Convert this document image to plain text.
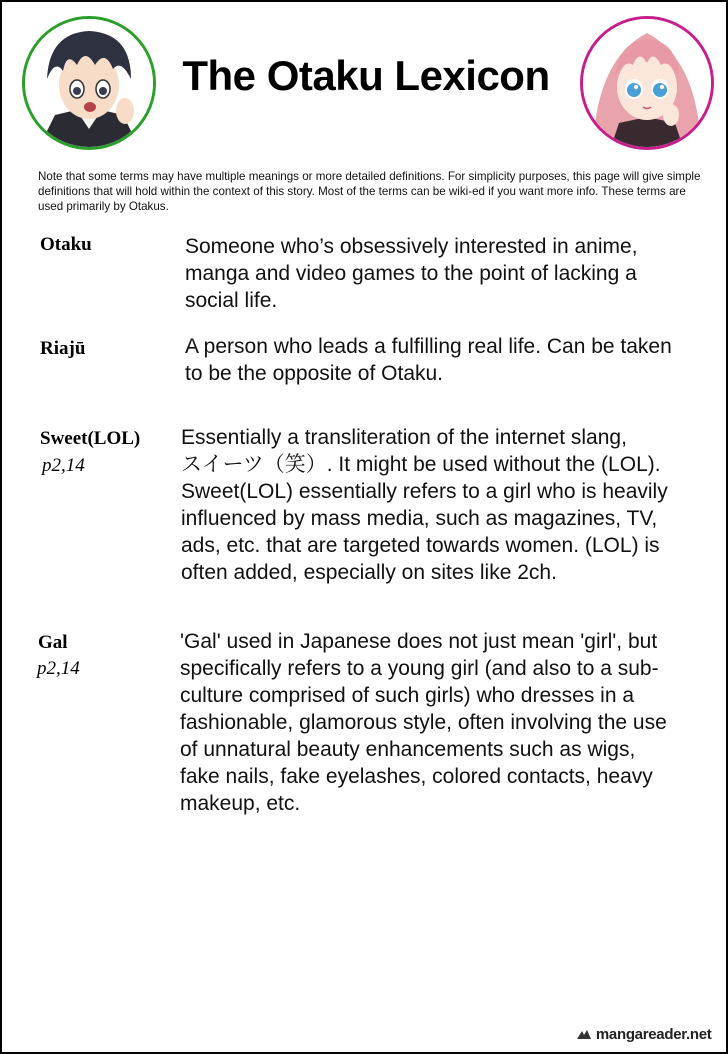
The Otaku Lexicon
Note that some terms may have multiple meanings or more detailed definitions. For simplicity purposes, this page will give simple definitions that will hold within the context of this story. Most of the terms can be wiki-ed if you want more info. These terms are used primarily by Otakus.
Otaku	Someone who’s obsessively interested in anime,
manga and video games to the point of lacking a
social life.
Riajū	A person who leads a fulfilling real life. Can be taken
to be the opposite of Otaku.
Sweet(LOL)
p2,14
Essentially a transliteration of the internet slang,
スイーツ（笑）. It might be used without the (LOL).
Sweet(LOL) essentially refers to a girl who is heavily
influenced by mass media, such as magazines, TV,
ads, etc. that are targeted towards women. (LOL) is
often added, especially on sites like 2ch.
Gal
p2,14
'Gal' used in Japanese does not just mean 'girl', but
specifically refers to a young girl (and also to a sub-
culture comprised of such girls) who dresses in a
fashionable, glamorous style, often involving the use
of unnatural beauty enhancements such as wigs,
fake nails, fake eyelashes, colored contacts, heavy
makeup, etc.
mangareader.net
